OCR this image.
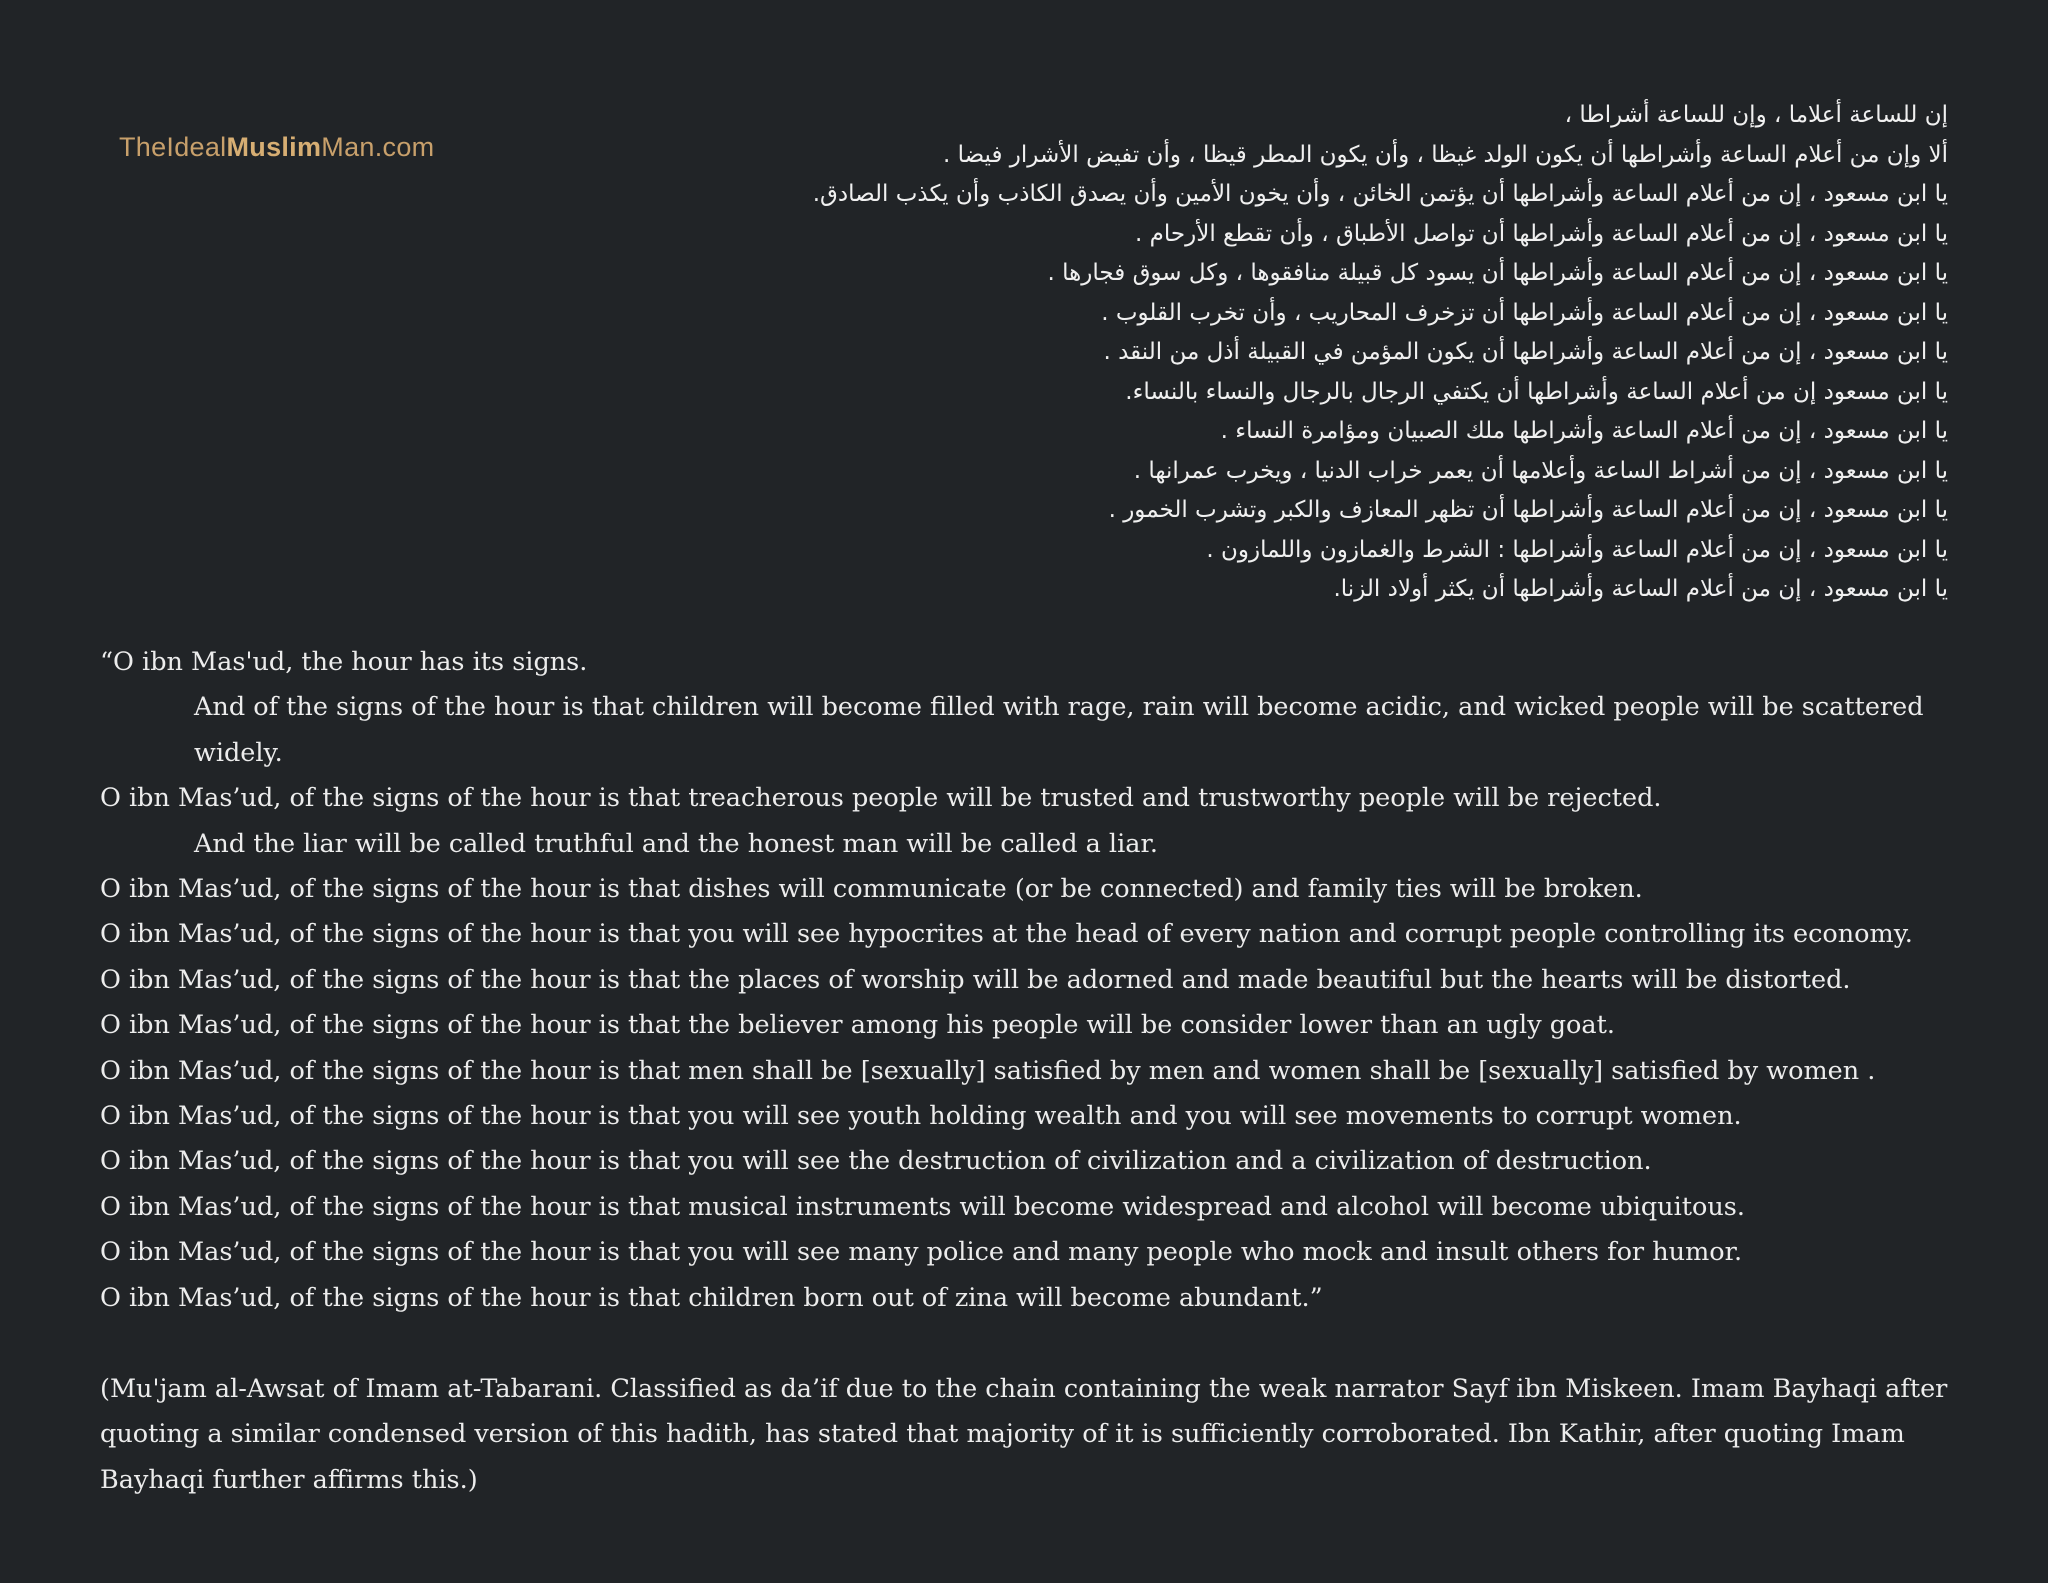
TheIdealMuslimMan.com
إن للساعة أعلاما ، وإن للساعة أشراطا ،
ألا وإن من أعلام الساعة وأشراطها أن يكون الولد غيظا ، وأن يكون المطر قيظا ، وأن تفيض الأشرار فيضا .
يا ابن مسعود ، إن من أعلام الساعة وأشراطها أن يؤتمن الخائن ، وأن يخون الأمين وأن يصدق الكاذب وأن يكذب الصادق.
يا ابن مسعود ، إن من أعلام الساعة وأشراطها أن تواصل الأطباق ، وأن تقطع الأرحام .
يا ابن مسعود ، إن من أعلام الساعة وأشراطها أن يسود كل قبيلة منافقوها ، وكل سوق فجارها .
يا ابن مسعود ، إن من أعلام الساعة وأشراطها أن تزخرف المحاريب ، وأن تخرب القلوب .
يا ابن مسعود ، إن من أعلام الساعة وأشراطها أن يكون المؤمن في القبيلة أذل من النقد .
يا ابن مسعود إن من أعلام الساعة وأشراطها أن يكتفي الرجال بالرجال والنساء بالنساء.
يا ابن مسعود ، إن من أعلام الساعة وأشراطها ملك الصبيان ومؤامرة النساء .
يا ابن مسعود ، إن من أشراط الساعة وأعلامها أن يعمر خراب الدنيا ، ويخرب عمرانها .
يا ابن مسعود ، إن من أعلام الساعة وأشراطها أن تظهر المعازف والكبر وتشرب الخمور .
يا ابن مسعود ، إن من أعلام الساعة وأشراطها : الشرط والغمازون واللمازون .
يا ابن مسعود ، إن من أعلام الساعة وأشراطها أن يكثر أولاد الزنا.
“O ibn Mas'ud, the hour has its signs.
And of the signs of the hour is that children will become filled with rage, rain will become acidic, and wicked people will be scattered widely.
O ibn Mas’ud, of the signs of the hour is that treacherous people will be trusted and trustworthy people will be rejected.
And the liar will be called truthful and the honest man will be called a liar.
O ibn Mas’ud, of the signs of the hour is that dishes will communicate (or be connected) and family ties will be broken.
O ibn Mas’ud, of the signs of the hour is that you will see hypocrites at the head of every nation and corrupt people controlling its economy.
O ibn Mas’ud, of the signs of the hour is that the places of worship will be adorned and made beautiful but the hearts will be distorted.
O ibn Mas’ud, of the signs of the hour is that the believer among his people will be consider lower than an ugly goat.
O ibn Mas’ud, of the signs of the hour is that men shall be [sexually] satisfied by men and women shall be [sexually] satisfied by women .
O ibn Mas’ud, of the signs of the hour is that you will see youth holding wealth and you will see movements to corrupt women.
O ibn Mas’ud, of the signs of the hour is that you will see the destruction of civilization and a civilization of destruction.
O ibn Mas’ud, of the signs of the hour is that musical instruments will become widespread and alcohol will become ubiquitous.
O ibn Mas’ud, of the signs of the hour is that you will see many police and many people who mock and insult others for humor.
O ibn Mas’ud, of the signs of the hour is that children born out of zina will become abundant.”
(Mu'jam al-Awsat of Imam at-Tabarani. Classified as da’if due to the chain containing the weak narrator Sayf ibn Miskeen. Imam Bayhaqi after quoting a similar condensed version of this hadith, has stated that majority of it is sufficiently corroborated. Ibn Kathir, after quoting Imam Bayhaqi further affirms this.)
